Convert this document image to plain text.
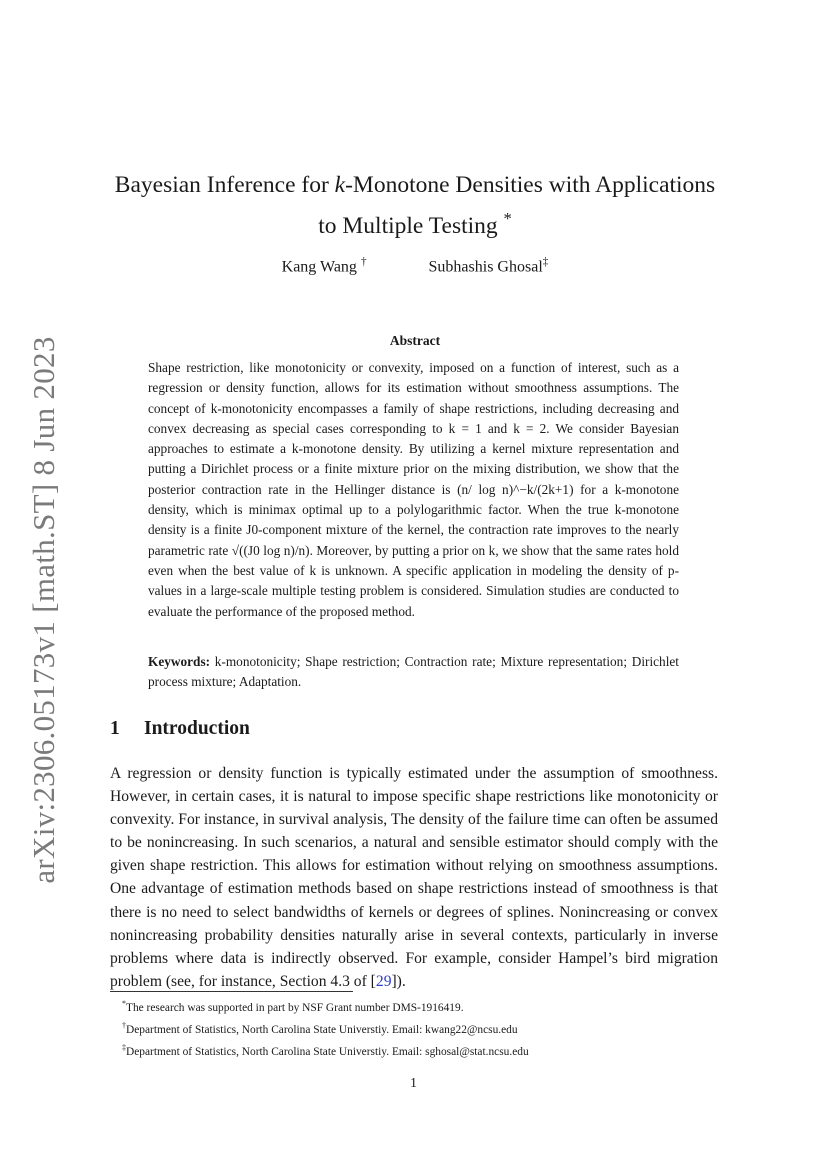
arXiv:2306.05173v1 [math.ST] 8 Jun 2023
Bayesian Inference for k-Monotone Densities with Applications
to Multiple Testing *
Kang Wang †	Subhashis Ghosal‡
Abstract
Shape restriction, like monotonicity or convexity, imposed on a function of interest, such as a regression or density function, allows for its estimation without smoothness assumptions. The concept of k-monotonicity encompasses a family of shape restrictions, including decreasing and convex decreasing as special cases corresponding to k = 1 and k = 2. We consider Bayesian approaches to estimate a k-monotone density. By utilizing a kernel mixture representation and putting a Dirichlet process or a finite mixture prior on the mixing distribution, we show that the posterior contraction rate in the Hellinger distance is (n/ log n)^−k/(2k+1) for a k-monotone density, which is minimax optimal up to a polylogarithmic factor. When the true k-monotone density is a finite J0-component mixture of the kernel, the contraction rate improves to the nearly parametric rate √((J0 log n)/n). Moreover, by putting a prior on k, we show that the same rates hold even when the best value of k is unknown. A specific application in modeling the density of p-values in a large-scale multiple testing problem is considered. Simulation studies are conducted to evaluate the performance of the proposed method.
Keywords: k-monotonicity; Shape restriction; Contraction rate; Mixture representation; Dirichlet process mixture; Adaptation.
1 Introduction
A regression or density function is typically estimated under the assumption of smoothness. However, in certain cases, it is natural to impose specific shape restrictions like monotonicity or convexity. For instance, in survival analysis, The density of the failure time can often be assumed to be nonincreasing. In such scenarios, a natural and sensible estimator should comply with the given shape restriction. This allows for estimation without relying on smoothness assumptions. One advantage of estimation methods based on shape restrictions instead of smoothness is that there is no need to select bandwidths of kernels or degrees of splines. Nonincreasing or convex nonincreasing probability densities naturally arise in several contexts, particularly in inverse problems where data is indirectly observed. For example, consider Hampel’s bird migration problem (see, for instance, Section 4.3 of [29]).
*The research was supported in part by NSF Grant number DMS-1916419.
†Department of Statistics, North Carolina State Universtiy. Email: kwang22@ncsu.edu
‡Department of Statistics, North Carolina State Universtiy. Email: sghosal@stat.ncsu.edu
1
